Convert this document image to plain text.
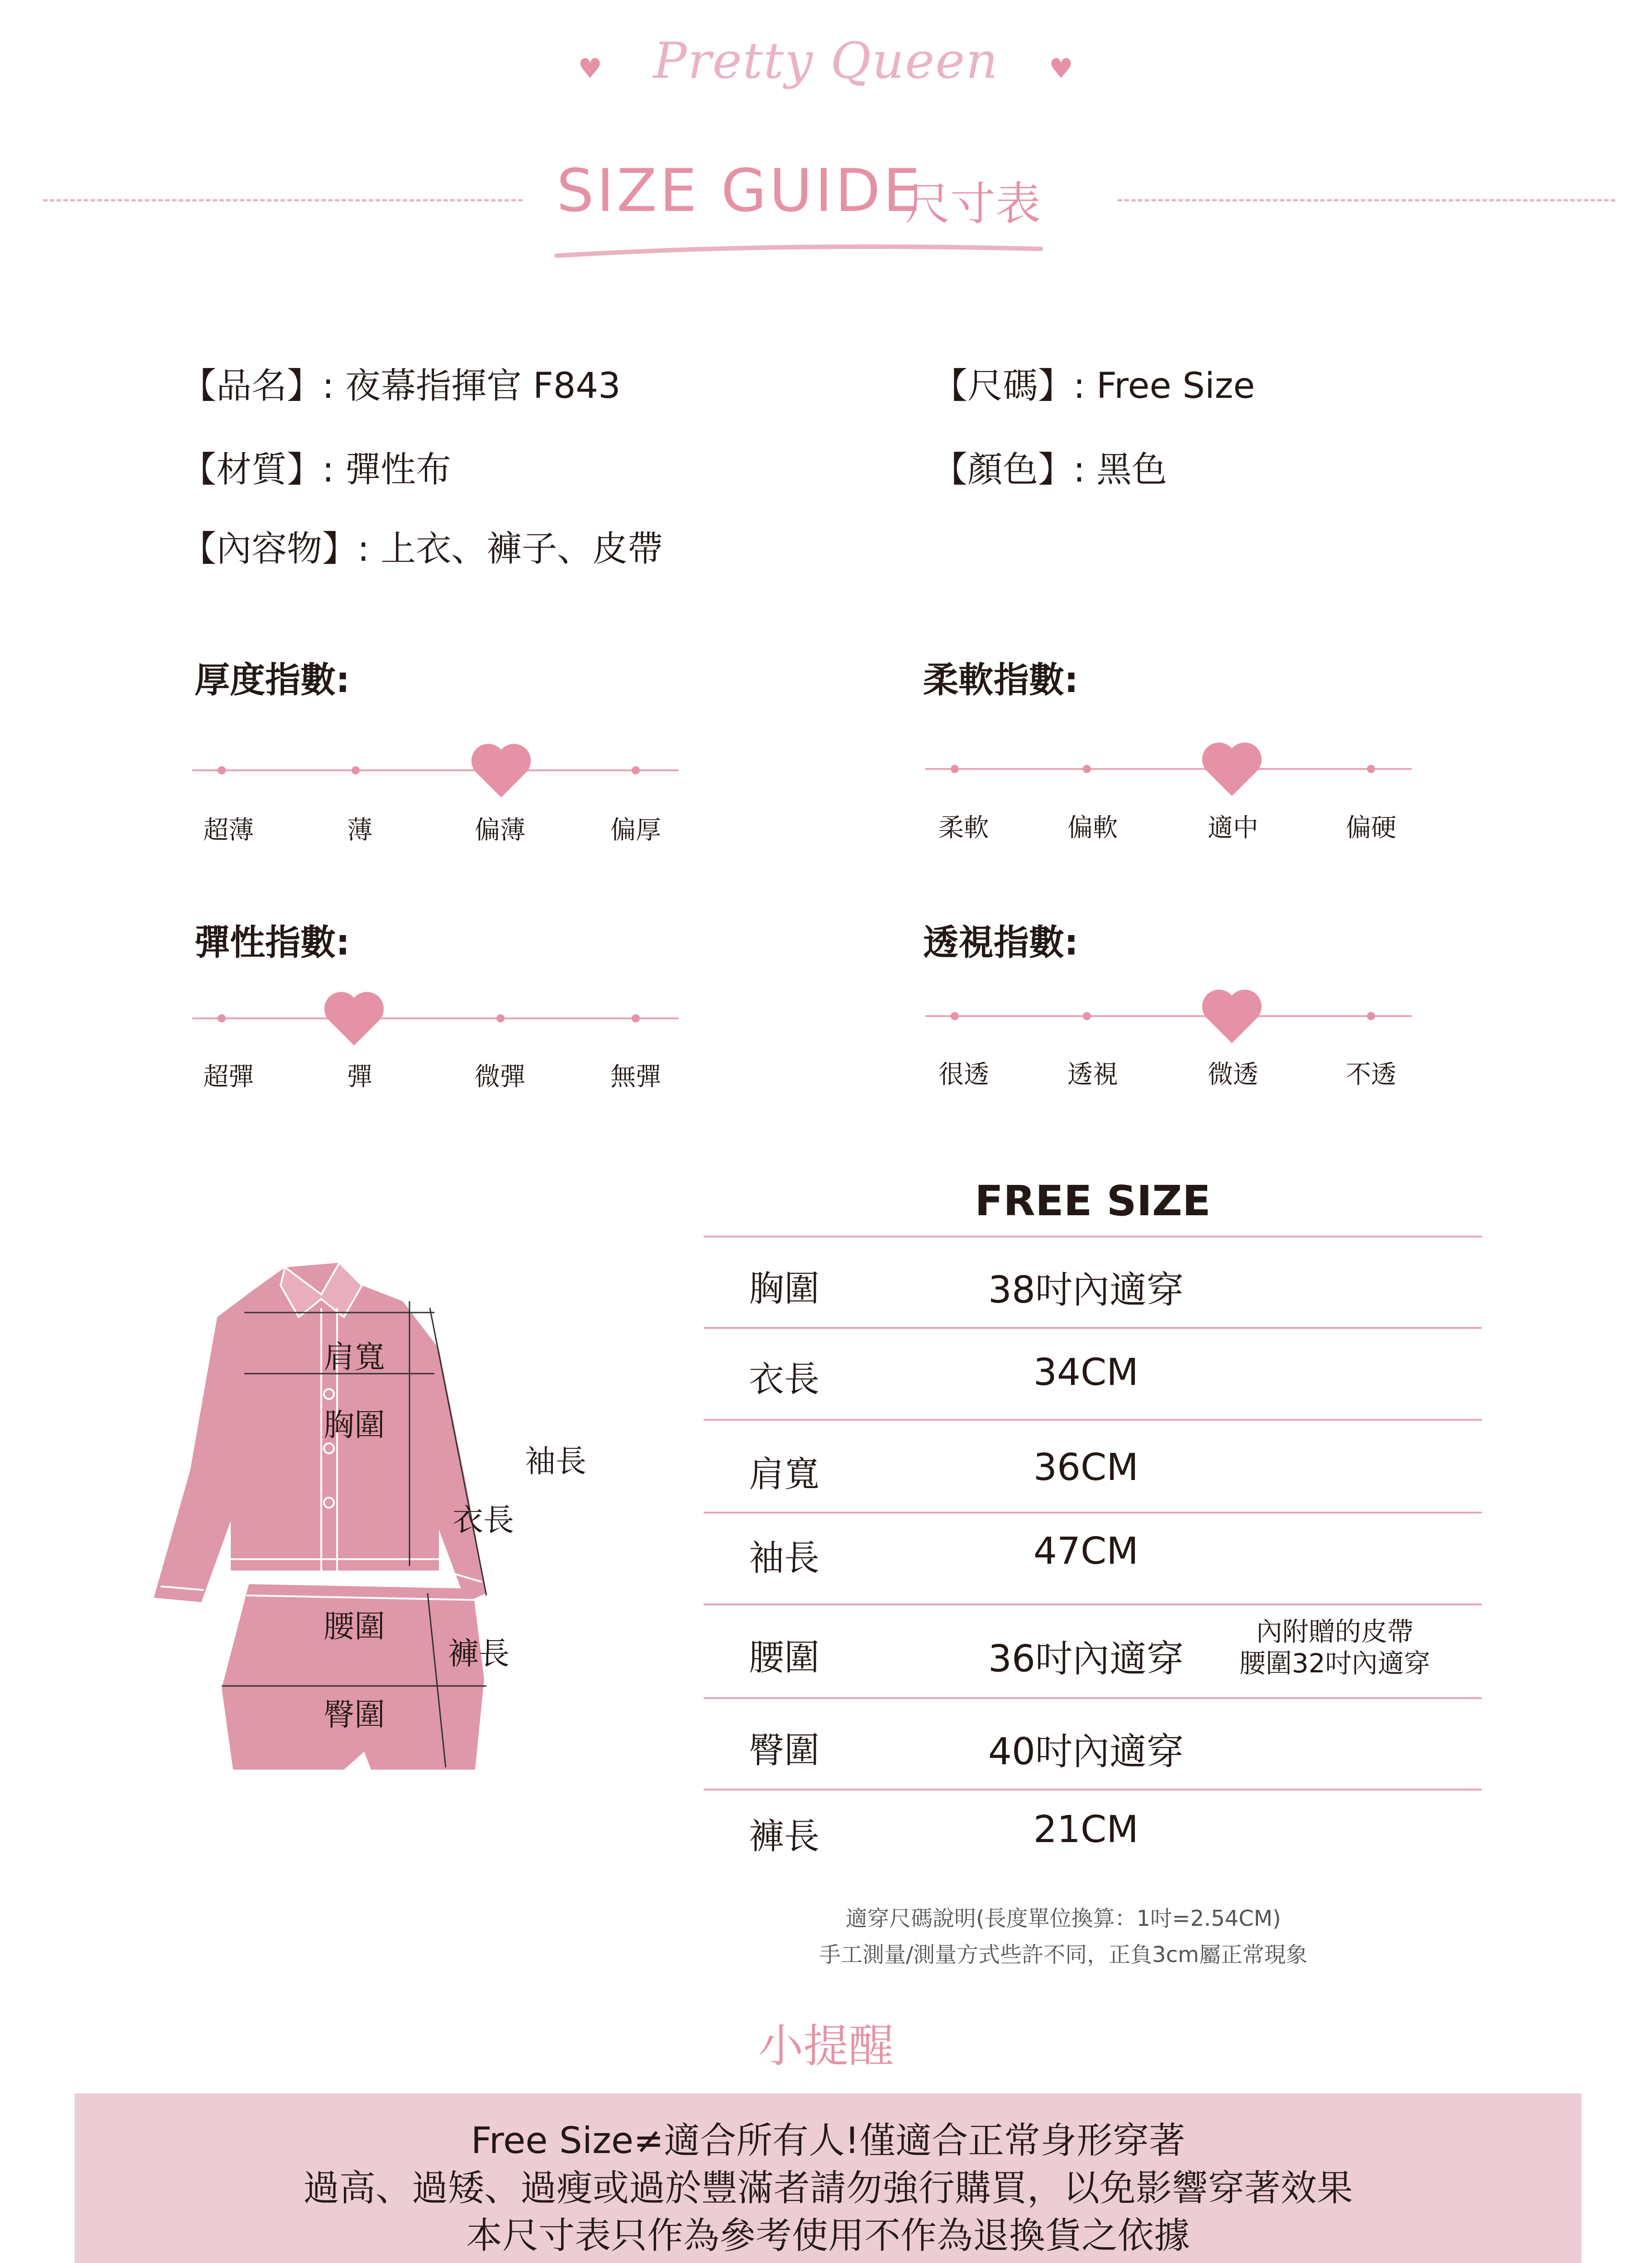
♥ Pretty Queen ♥
SIZE GUIDE
尺寸表
【品名】: 夜幕指揮官 F843	【尺碼】: Free Size
【材質】: 彈性布	【顏色】: 黑色
【內容物】: 上衣、褲子、皮帶
厚度指數:
超薄	薄	偏薄	偏厚
柔軟指數:
柔軟	偏軟	適中	偏硬
彈性指數:
超彈	彈	微彈	無彈
透視指數:
很透	透視	微透	不透
肩寬
胸圍
袖長
衣長
腰圍
褲長
臀圍
FREE SIZE
胸圍	38吋內適穿
衣長	34CM
肩寬	36CM
袖長	47CM
腰圍	36吋內適穿
內附贈的皮帶
腰圍32吋內適穿
臀圍	40吋內適穿
褲長	21CM
適穿尺碼說明(長度單位換算：1吋=2.54CM)
手工測量/測量方式些許不同，正負3cm屬正常現象
小提醒
Free Size≠適合所有人!僅適合正常身形穿著
過高、過矮、過瘦或過於豐滿者請勿強行購買，以免影響穿著效果
本尺寸表只作為參考使用不作為退換貨之依據
